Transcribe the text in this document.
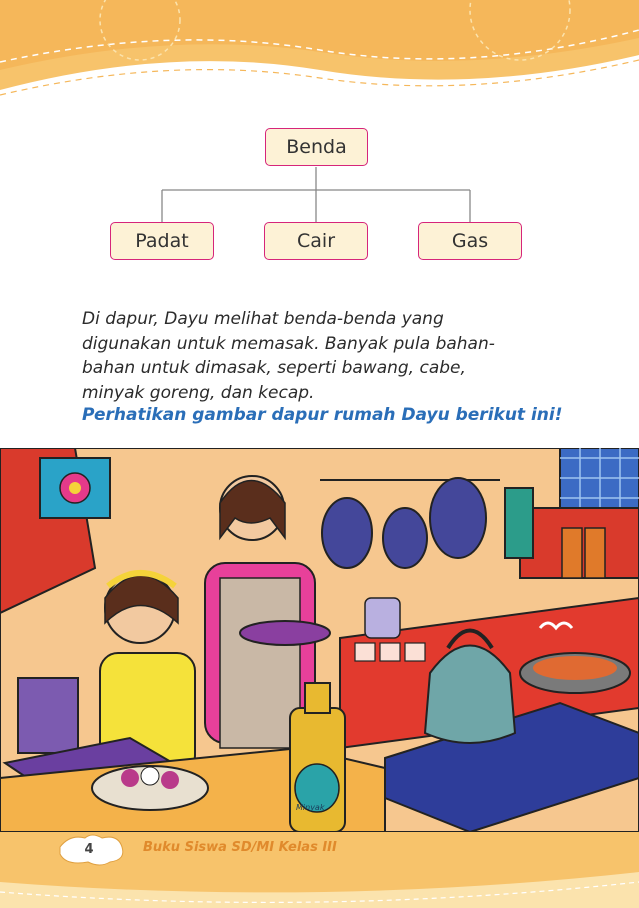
Benda
Padat	Cair	Gas

Di dapur, Dayu melihat benda-benda yang

digunakan untuk memasak. Banyak pula bahan-

bahan untuk dimasak, seperti bawang, cabe,

minyak goreng, dan kecap.

Perhatikan gambar dapur rumah Dayu berikut ini!
Minyak
4	Buku Siswa SD/MI Kelas III
